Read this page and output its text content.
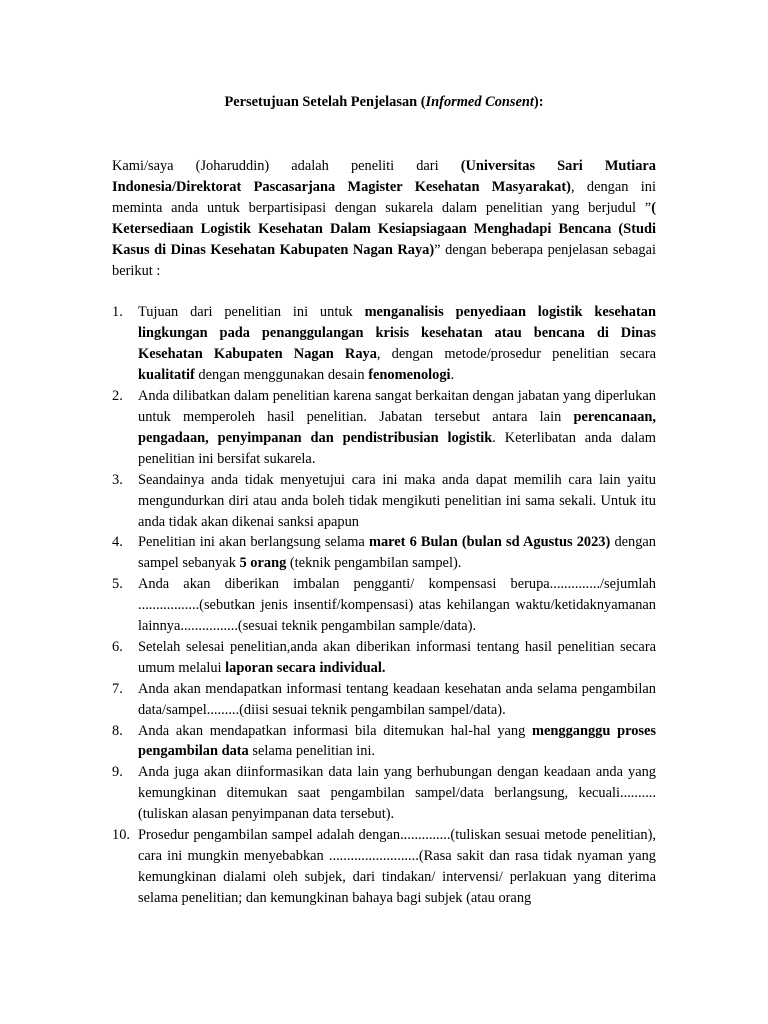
Persetujuan Setelah Penjelasan (Informed Consent):

Kami/saya (Joharuddin) adalah peneliti dari (Universitas Sari Mutiara Indonesia/Direktorat Pascasarjana Magister Kesehatan Masyarakat), dengan ini meminta anda untuk berpartisipasi dengan sukarela dalam penelitian yang berjudul ”( Ketersediaan Logistik Kesehatan Dalam Kesiapsiagaan Menghadapi Bencana (Studi Kasus di Dinas Kesehatan Kabupaten Nagan Raya)” dengan beberapa penjelasan sebagai berikut :

1.	Tujuan dari penelitian ini untuk menganalisis penyediaan logistik kesehatan lingkungan pada penanggulangan krisis kesehatan atau bencana di Dinas Kesehatan Kabupaten Nagan Raya, dengan metode/prosedur penelitian secara kualitatif dengan menggunakan desain fenomenologi.
2.	Anda dilibatkan dalam penelitian karena sangat berkaitan dengan jabatan yang diperlukan untuk memperoleh hasil penelitian. Jabatan tersebut antara lain perencanaan, pengadaan, penyimpanan dan pendistribusian logistik. Keterlibatan anda dalam penelitian ini bersifat sukarela.
3.	Seandainya anda tidak menyetujui cara ini maka anda dapat memilih cara lain yaitu mengundurkan diri atau anda boleh tidak mengikuti penelitian ini sama sekali. Untuk itu anda tidak akan dikenai sanksi apapun
4.	Penelitian ini akan berlangsung selama maret 6 Bulan (bulan sd Agustus 2023) dengan sampel sebanyak 5 orang (teknik pengambilan sampel).
5.	Anda akan diberikan imbalan pengganti/ kompensasi berupa............../sejumlah .................(sebutkan jenis insentif/kompensasi) atas kehilangan waktu/ketidaknyamanan lainnya................(sesuai teknik pengambilan sample/data).
6.	Setelah selesai penelitian,anda akan diberikan informasi tentang hasil penelitian secara umum melalui laporan secara individual.
7.	Anda akan mendapatkan informasi tentang keadaan kesehatan anda selama pengambilan data/sampel.........(diisi sesuai teknik pengambilan sampel/data).
8.	Anda akan mendapatkan informasi bila ditemukan hal-hal yang mengganggu proses pengambilan data selama penelitian ini.
9.	Anda juga akan diinformasikan data lain yang berhubungan dengan keadaan anda yang kemungkinan ditemukan saat pengambilan sampel/data berlangsung, kecuali..........(tuliskan alasan penyimpanan data tersebut).
10. Prosedur pengambilan sampel adalah dengan..............(tuliskan sesuai metode penelitian), cara ini mungkin menyebabkan .........................(Rasa sakit dan rasa tidak nyaman yang kemungkinan dialami oleh subjek, dari tindakan/ intervensi/ perlakuan yang diterima selama penelitian; dan kemungkinan bahaya bagi subjek (atau orang
